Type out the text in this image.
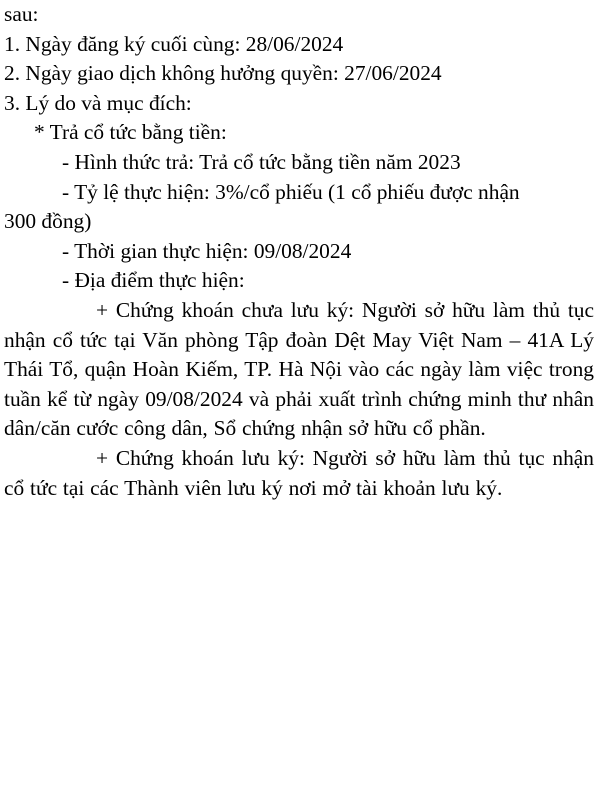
sau:
1. Ngày đăng ký cuối cùng: 28/06/2024
2. Ngày giao dịch không hưởng quyền: 27/06/2024
3. Lý do và mục đích:
* Trả cổ tức bằng tiền:
- Hình thức trả: Trả cổ tức bằng tiền năm 2023
- Tỷ lệ thực hiện: 3%/cổ phiếu (1 cổ phiếu được nhận
300 đồng)
- Thời gian thực hiện: 09/08/2024
- Địa điểm thực hiện:
+ Chứng khoán chưa lưu ký: Người sở hữu làm thủ tục nhận cổ tức tại Văn phòng Tập đoàn Dệt May Việt Nam – 41A Lý Thái Tổ, quận Hoàn Kiếm, TP. Hà Nội vào các ngày làm việc trong tuần kể từ ngày 09/08/2024 và phải xuất trình chứng minh thư nhân dân/căn cước công dân, Sổ chứng nhận sở hữu cổ phần.
+ Chứng khoán lưu ký: Người sở hữu làm thủ tục nhận cổ tức tại các Thành viên lưu ký nơi mở tài khoản lưu ký.
